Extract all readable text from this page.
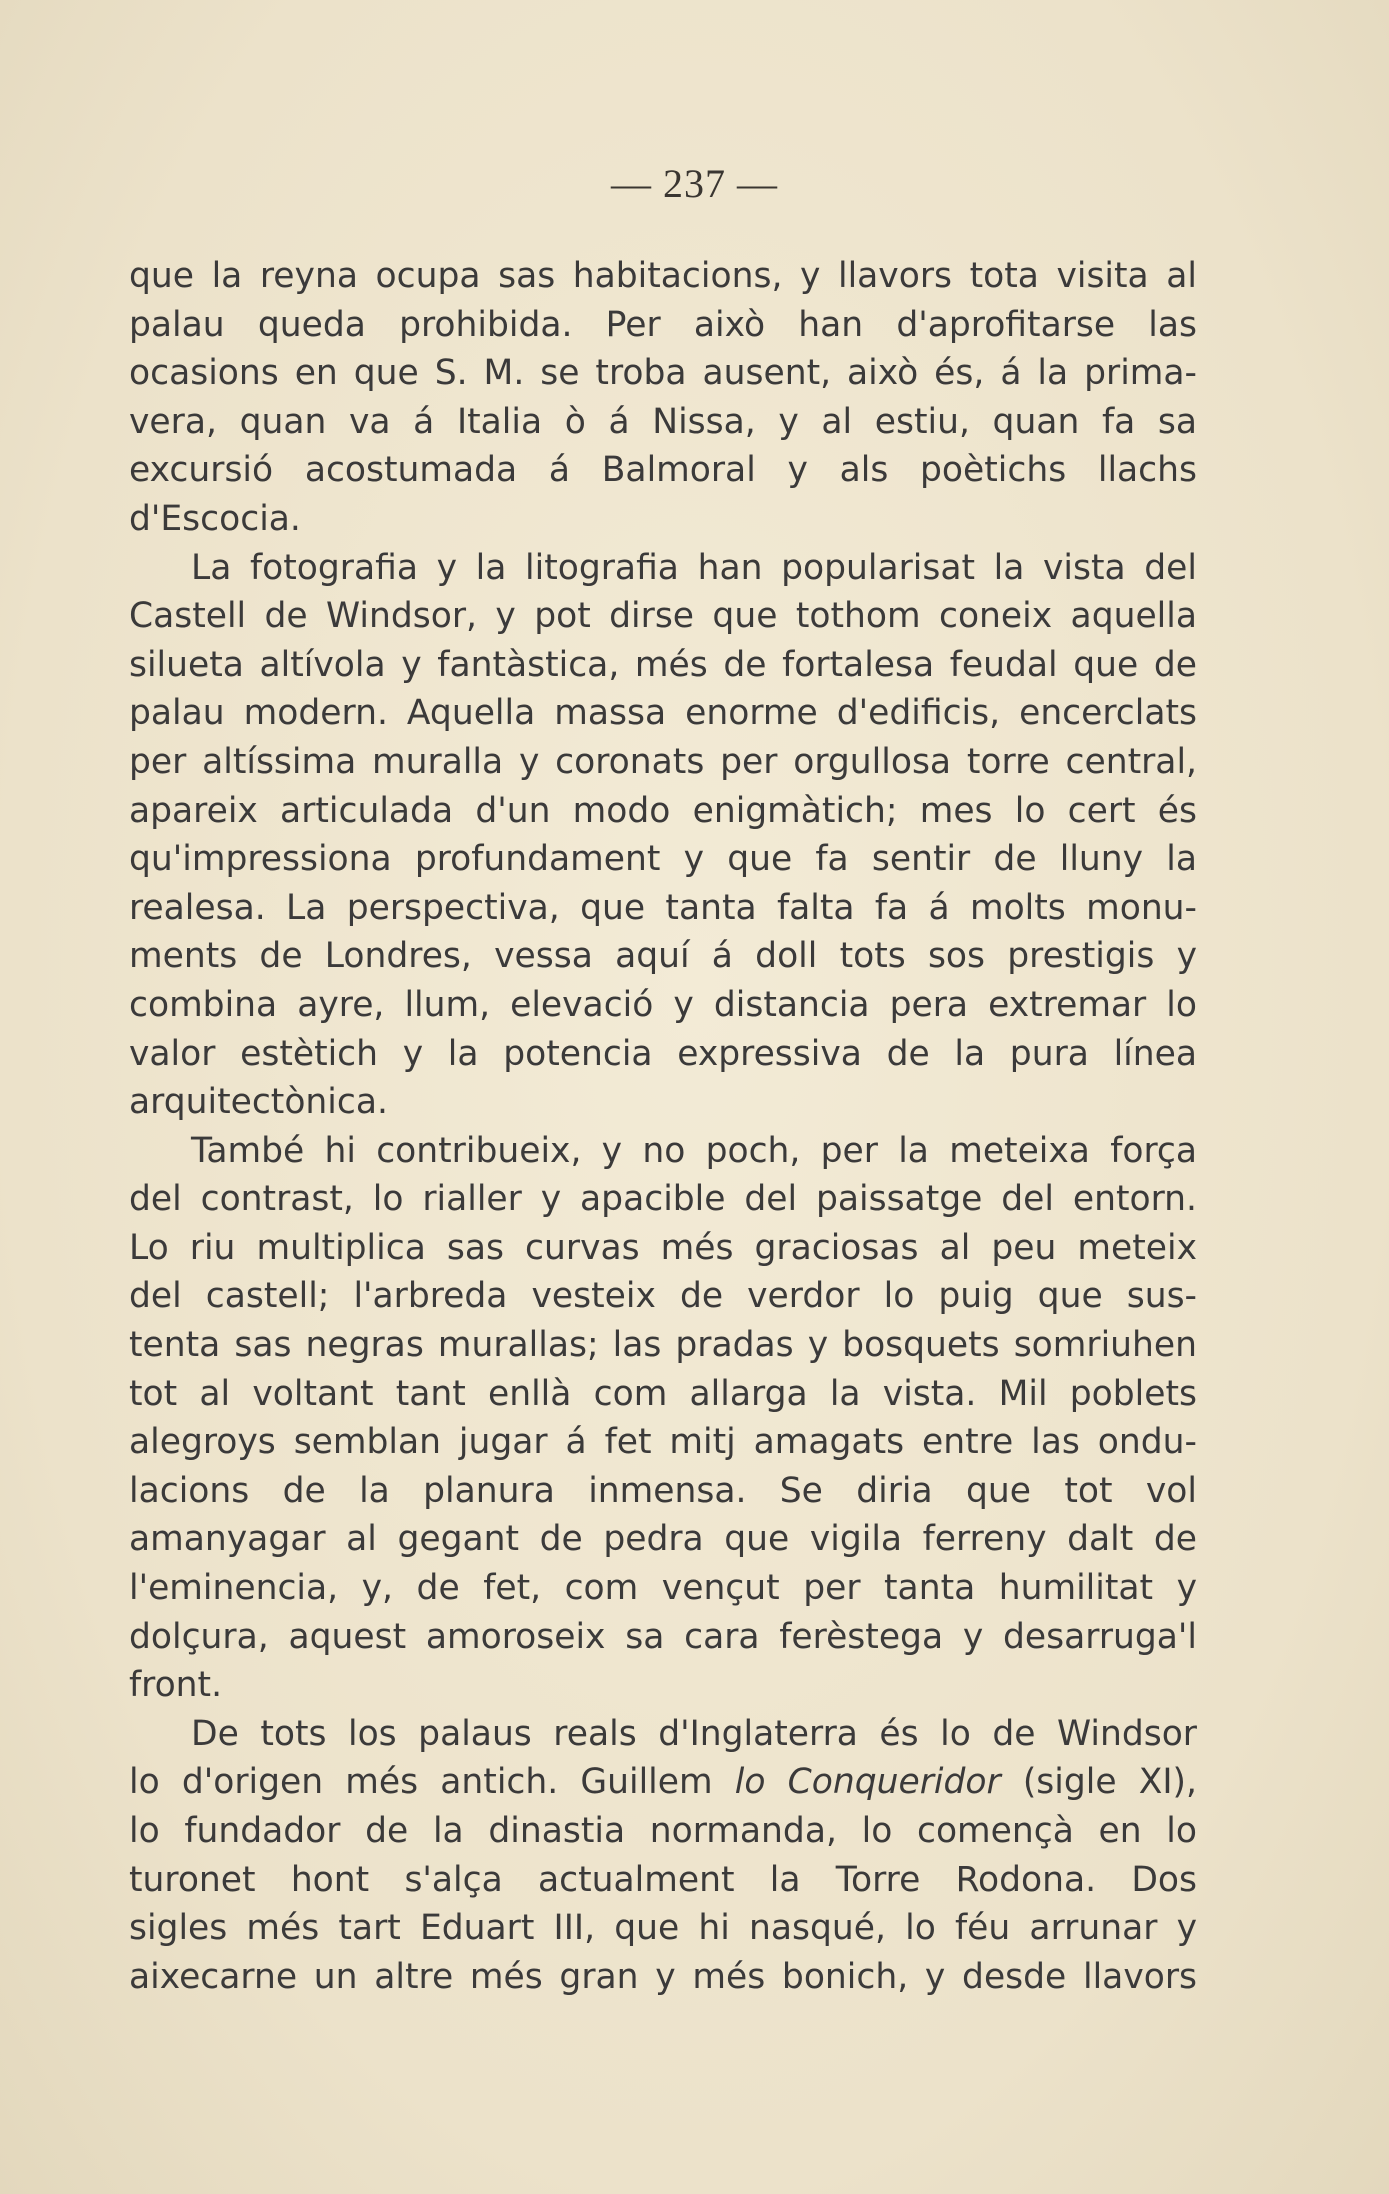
— 237 —
que la reyna ocupa sas habitacions, y llavors tota visita al
palau queda prohibida. Per això han d'aprofitarse las
ocasions en que S. M. se troba ausent, això és, á la prima-
vera, quan va á Italia ò á Nissa, y al estiu, quan fa sa
excursió acostumada á Balmoral y als poètichs llachs
d'Escocia.
La fotografia y la litografia han popularisat la vista del
Castell de Windsor, y pot dirse que tothom coneix aquella
silueta altívola y fantàstica, més de fortalesa feudal que de
palau modern. Aquella massa enorme d'edificis, encerclats
per altíssima muralla y coronats per orgullosa torre central,
apareix articulada d'un modo enigmàtich; mes lo cert és
qu'impressiona profundament y que fa sentir de lluny la
realesa. La perspectiva, que tanta falta fa á molts monu-
ments de Londres, vessa aquí á doll tots sos prestigis y
combina ayre, llum, elevació y distancia pera extremar lo
valor estètich y la potencia expressiva de la pura línea
arquitectònica.
També hi contribueix, y no poch, per la meteixa força
del contrast, lo rialler y apacible del paissatge del entorn.
Lo riu multiplica sas curvas més graciosas al peu meteix
del castell; l'arbreda vesteix de verdor lo puig que sus-
tenta sas negras murallas; las pradas y bosquets somriuhen
tot al voltant tant enllà com allarga la vista. Mil poblets
alegroys semblan jugar á fet mitj amagats entre las ondu-
lacions de la planura inmensa. Se diria que tot vol
amanyagar al gegant de pedra que vigila ferreny dalt de
l'eminencia, y, de fet, com vençut per tanta humilitat y
dolçura, aquest amoroseix sa cara ferèstega y desarruga'l
front.
De tots los palaus reals d'Inglaterra és lo de Windsor
lo d'origen més antich. Guillem lo Conqueridor (sigle XI),
lo fundador de la dinastia normanda, lo començà en lo
turonet hont s'alça actualment la Torre Rodona. Dos
sigles més tart Eduart III, que hi nasqué, lo féu arrunar y
aixecarne un altre més gran y més bonich, y desde llavors
